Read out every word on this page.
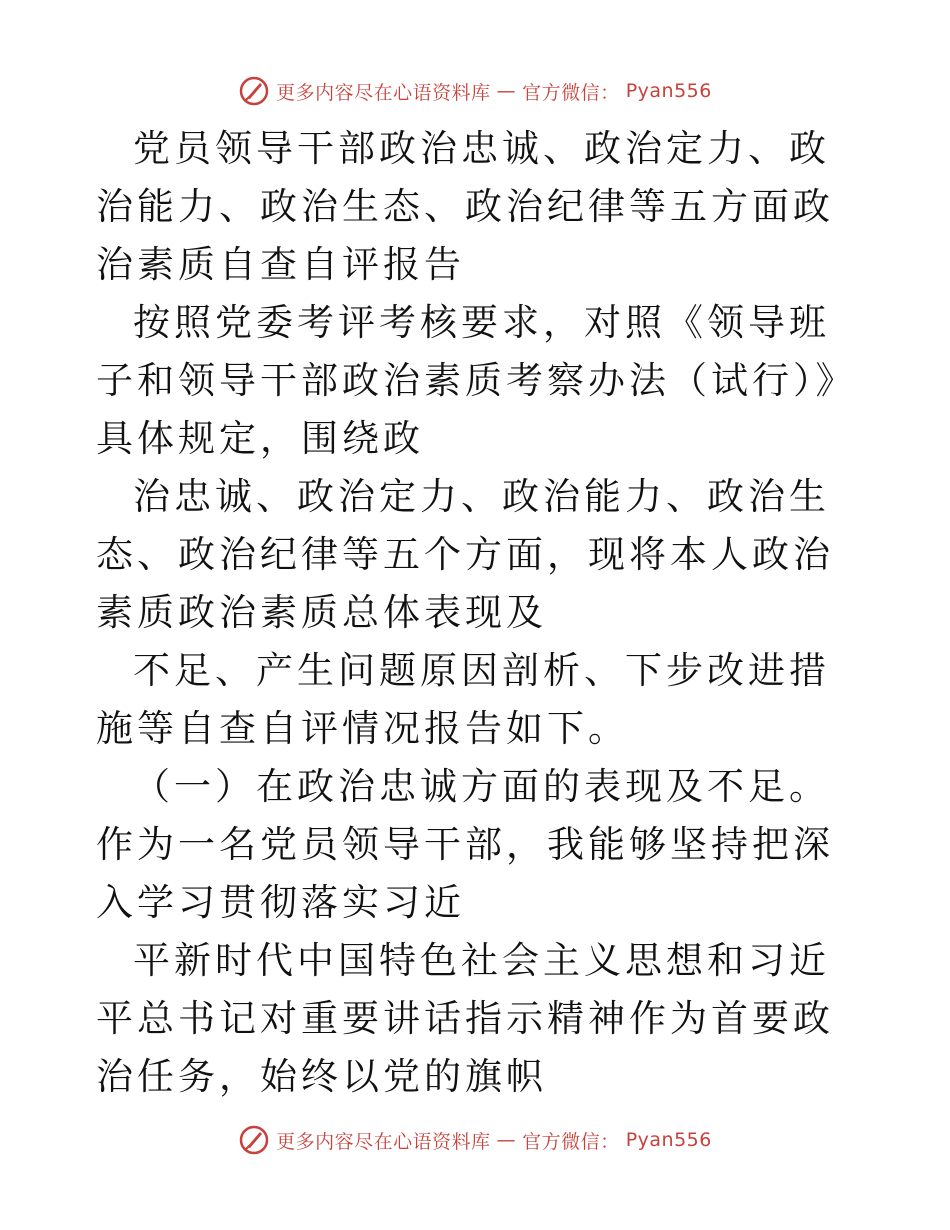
更多内容尽在心语资料库 — 官方微信： Pyan556

党员领导干部政治忠诚、政治定力、政治能力、政治生态、政治纪律等五方面政治素质自查自评报告

按照党委考评考核要求，对照《领导班子和领导干部政治素质考察办法（试行）》具体规定，围绕政

治忠诚、政治定力、政治能力、政治生态、政治纪律等五个方面，现将本人政治素质政治素质总体表现及

不足、产生问题原因剖析、下步改进措施等自查自评情况报告如下。

（一）在政治忠诚方面的表现及不足。作为一名党员领导干部，我能够坚持把深入学习贯彻落实习近

平新时代中国特色社会主义思想和习近平总书记对重要讲话指示精神作为首要政治任务，始终以党的旗帜

更多内容尽在心语资料库 — 官方微信： Pyan556
